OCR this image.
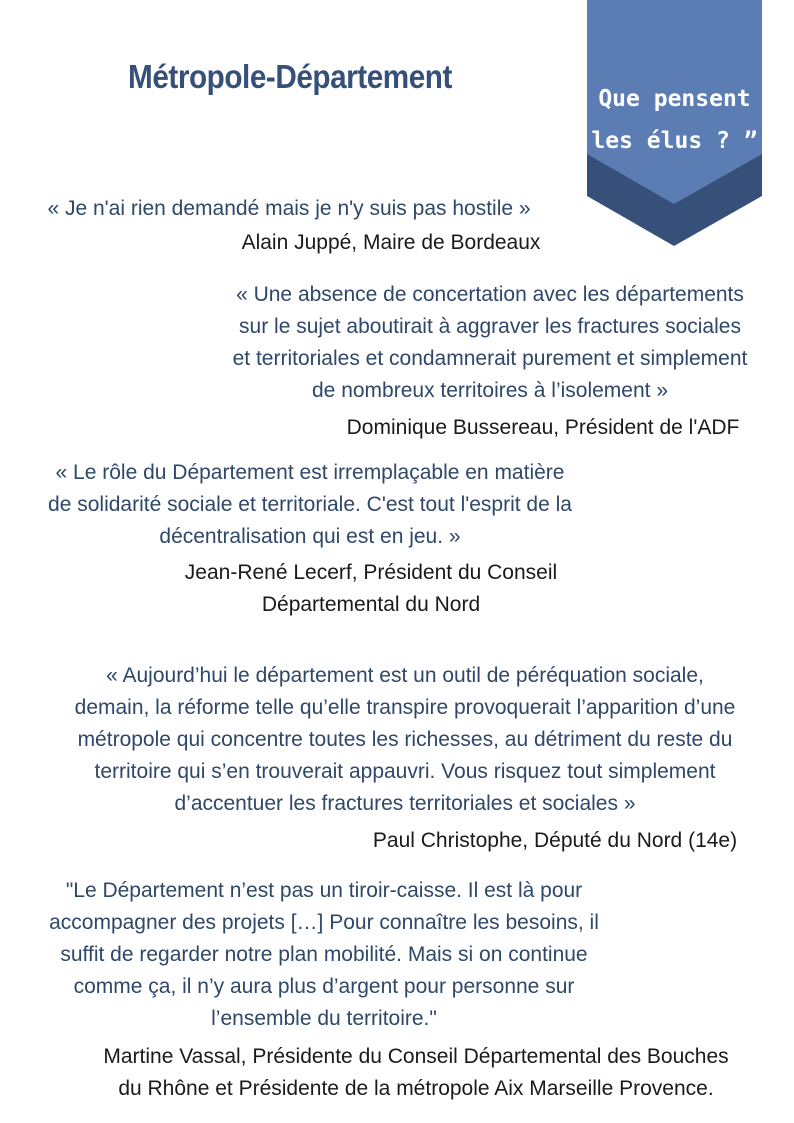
Métropole-Département
Que pensent
les élus ? ”
« Je n'ai rien demandé mais je n'y suis pas hostile »
Alain Juppé, Maire de Bordeaux
« Une absence de concertation avec les départements
sur le sujet aboutirait à aggraver les fractures sociales
et territoriales et condamnerait purement et simplement
de nombreux territoires à l’isolement »
Dominique Bussereau, Président de l'ADF
« Le rôle du Département est irremplaçable en matière
de solidarité sociale et territoriale. C'est tout l'esprit de la
décentralisation qui est en jeu. »
Jean-René Lecerf, Président du Conseil
Départemental du Nord
« Aujourd’hui le département est un outil de péréquation sociale,
demain, la réforme telle qu’elle transpire provoquerait l’apparition d’une
métropole qui concentre toutes les richesses, au détriment du reste du
territoire qui s’en trouverait appauvri. Vous risquez tout simplement
d’accentuer les fractures territoriales et sociales »
Paul Christophe, Député du Nord (14e)
"Le Département n’est pas un tiroir-caisse. Il est là pour
accompagner des projets […] Pour connaître les besoins, il
suffit de regarder notre plan mobilité. Mais si on continue
comme ça, il n’y aura plus d’argent pour personne sur
l’ensemble du territoire."
Martine Vassal, Présidente du Conseil Départemental des Bouches
du Rhône et Présidente de la métropole Aix Marseille Provence.
